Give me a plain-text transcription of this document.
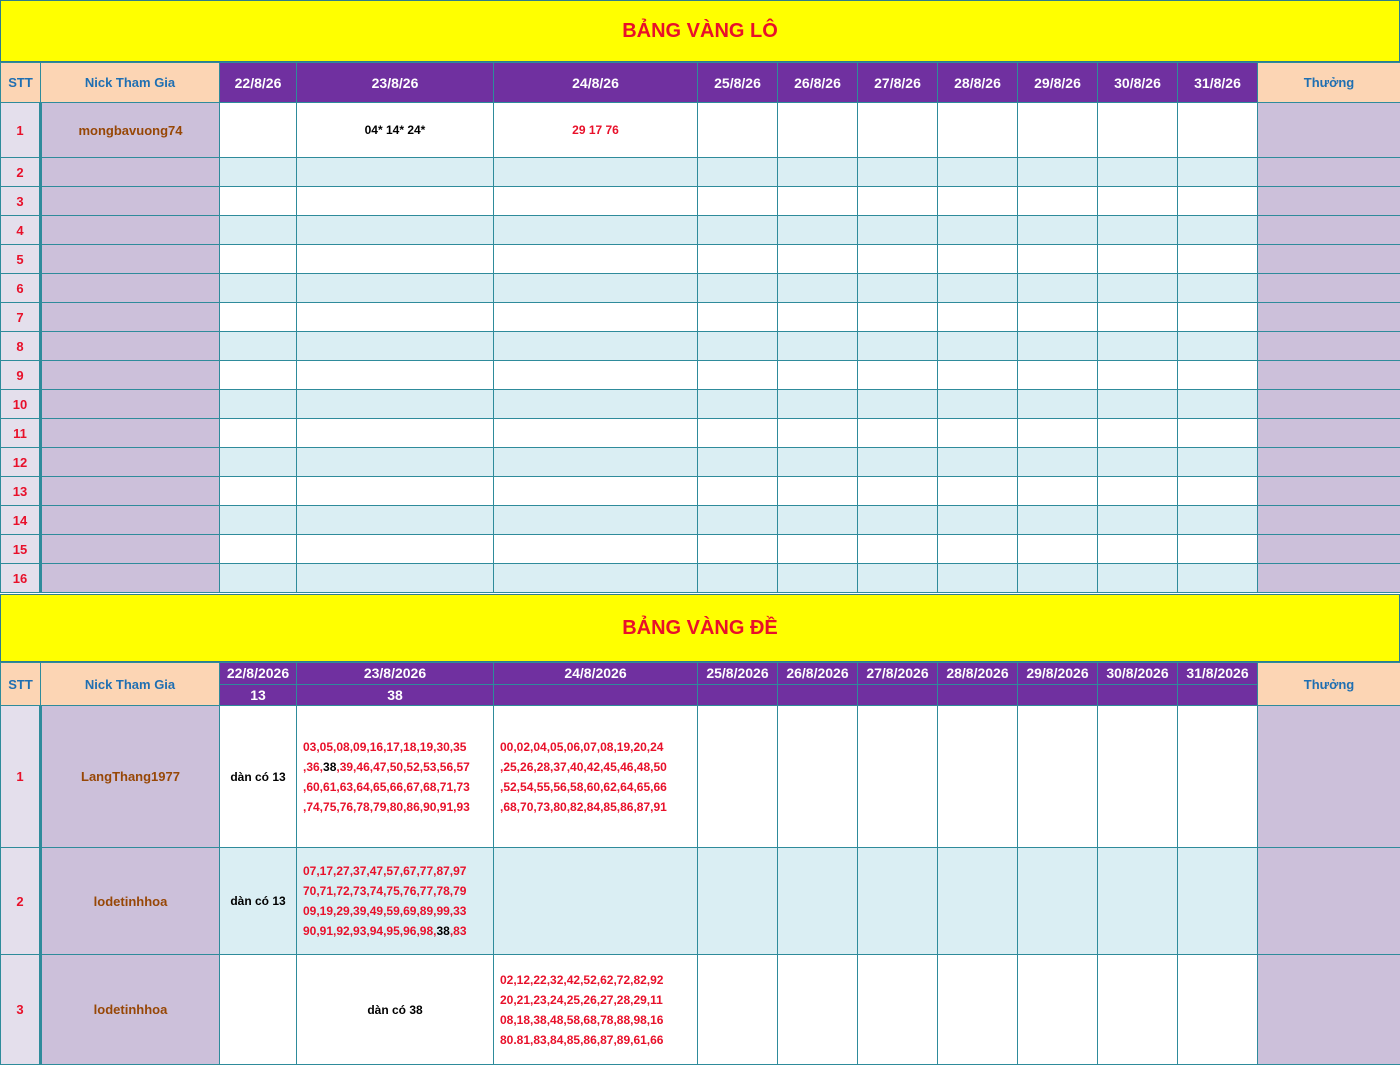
BẢNG VÀNG LÔ
STT	Nick Tham Gia	22/8/26	23/8/26	24/8/26	25/8/26	26/8/26	27/8/26	28/8/26	29/8/26	30/8/26	31/8/26	Thưởng
1	mongbavuong74		04* 14* 24*	29 17 76								
2												
3												
4												
5												
6												
7												
8												
9												
10												
11												
12												
13												
14												
15												
16												
BẢNG VÀNG ĐỀ
STT	Nick Tham Gia	22/8/2026	23/8/2026	24/8/2026	25/8/2026	26/8/2026	27/8/2026	28/8/2026	29/8/2026	30/8/2026	31/8/2026	Thưởng
		13	38									
1	LangThang1977	dàn có 13	03,05,08,09,16,17,18,19,30,35
,36,38,39,46,47,50,52,53,56,57
,60,61,63,64,65,66,67,68,71,73
,74,75,76,78,79,80,86,90,91,93	00,02,04,05,06,07,08,19,20,24
,25,26,28,37,40,42,45,46,48,50
,52,54,55,56,58,60,62,64,65,66
,68,70,73,80,82,84,85,86,87,91								

2	lodetinhhoa	dàn có 13	07,17,27,37,47,57,67,77,87,97
70,71,72,73,74,75,76,77,78,79
09,19,29,39,49,59,69,89,99,33
90,91,92,93,94,95,96,98,38,83									

3	lodetinhhoa		dàn có 38	02,12,22,32,42,52,62,72,82,92
20,21,23,24,25,26,27,28,29,11
08,18,38,48,58,68,78,88,98,16
80.81,83,84,85,86,87,89,61,66								
